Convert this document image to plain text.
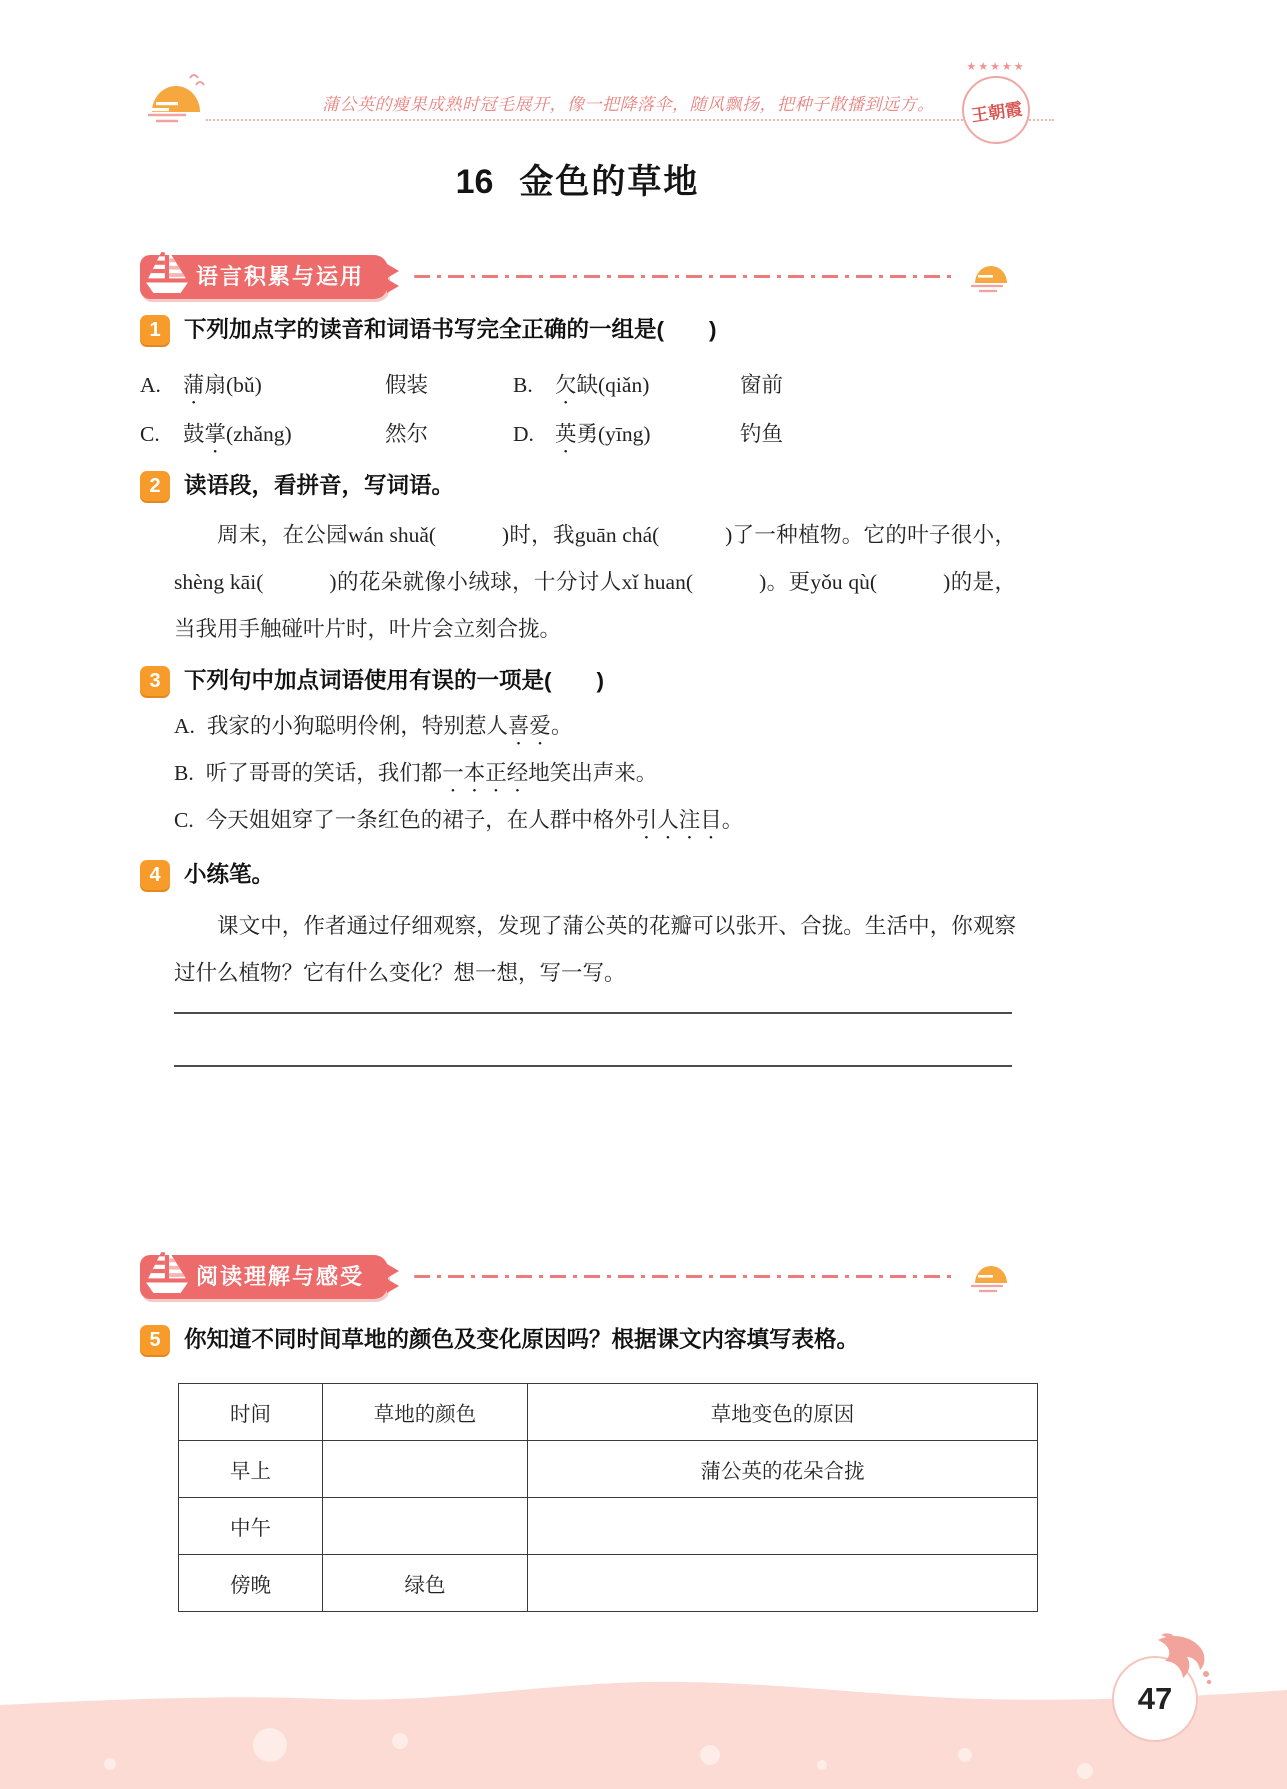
蒲公英的瘦果成熟时冠毛展开，像一把降落伞，随风飘扬，把种子散播到远方。
★★★★★
王朝霞
16 金色的草地
语言积累与运用
1	下列加点字的读音和词语书写完全正确的一组是(　　)
A.	蒲扇(bǔ)	假装	B.	欠缺(qiǎn)	窗前
C.	鼓掌(zhǎng)	然尔	D. 英勇(yīng)	钓鱼
2	读语段，看拼音，写词语。
周末，在公园wán shuǎ(　　　)时，我guān chá(　　　)了一种植物。它的叶子很小，shèng kāi(　　　)的花朵就像小绒球，十分讨人xǐ huan(　　　)。更yǒu qù(　　　)的是，当我用手触碰叶片时，叶片会立刻合拢。
3	下列句中加点词语使用有误的一项是(　　)
A. 我家的小狗聪明伶俐，特别惹人喜爱。
B. 听了哥哥的笑话，我们都一本正经地笑出声来。
C. 今天姐姐穿了一条红色的裙子，在人群中格外引人注目。
4	小练笔。
课文中，作者通过仔细观察，发现了蒲公英的花瓣可以张开、合拢。生活中，你观察过什么植物？它有什么变化？想一想，写一写。
阅读理解与感受
5	你知道不同时间草地的颜色及变化原因吗？根据课文内容填写表格。
时间	草地的颜色	草地变色的原因
早上		蒲公英的花朵合拢
中午		
傍晚	绿色	
47
